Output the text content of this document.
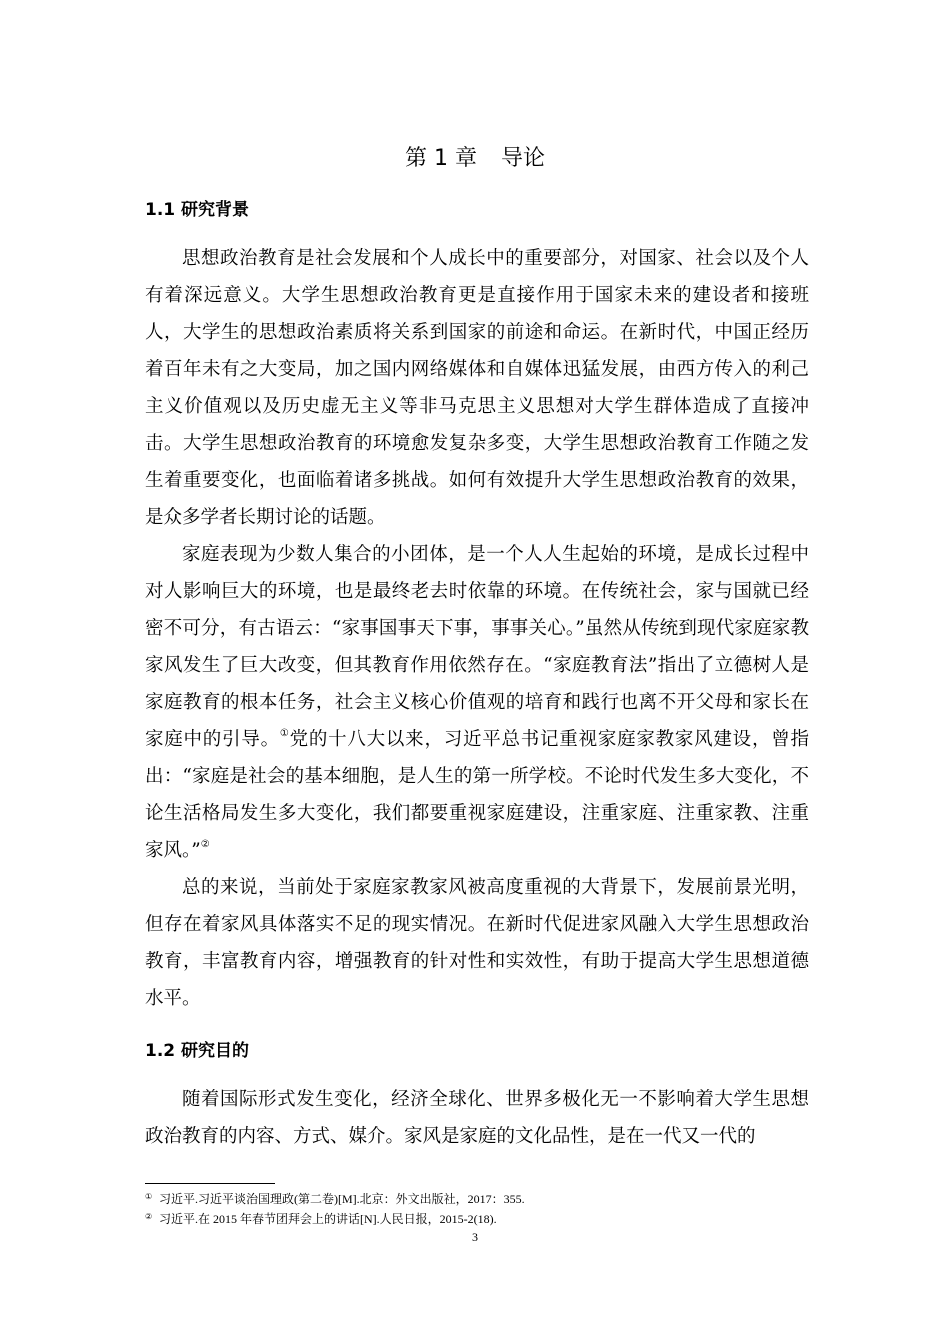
第 1 章 导论
1.1 研究背景

思想政治教育是社会发展和个人成长中的重要部分，对国家、社会以及个人有着深远意义。大学生思想政治教育更是直接作用于国家未来的建设者和接班人，大学生的思想政治素质将关系到国家的前途和命运。在新时代，中国正经历着百年未有之大变局，加之国内网络媒体和自媒体迅猛发展，由西方传入的利己主义价值观以及历史虚无主义等非马克思主义思想对大学生群体造成了直接冲击。大学生思想政治教育的环境愈发复杂多变，大学生思想政治教育工作随之发生着重要变化，也面临着诸多挑战。如何有效提升大学生思想政治教育的效果，是众多学者长期讨论的话题。

家庭表现为少数人集合的小团体，是一个人人生起始的环境，是成长过程中对人影响巨大的环境，也是最终老去时依靠的环境。在传统社会，家与国就已经密不可分，有古语云：“家事国事天下事，事事关心。”虽然从传统到现代家庭家教家风发生了巨大改变，但其教育作用依然存在。“家庭教育法”指出了立德树人是家庭教育的根本任务，社会主义核心价值观的培育和践行也离不开父母和家长在家庭中的引导。①党的十八大以来，习近平总书记重视家庭家教家风建设，曾指出：“家庭是社会的基本细胞，是人生的第一所学校。不论时代发生多大变化，不论生活格局发生多大变化，我们都要重视家庭建设，注重家庭、注重家教、注重家风。”②

总的来说，当前处于家庭家教家风被高度重视的大背景下，发展前景光明，但存在着家风具体落实不足的现实情况。在新时代促进家风融入大学生思想政治教育，丰富教育内容，增强教育的针对性和实效性，有助于提高大学生思想道德水平。

1.2 研究目的

随着国际形式发生变化，经济全球化、世界多极化无一不影响着大学生思想政治教育的内容、方式、媒介。家风是家庭的文化品性，是在一代又一代的

① 习近平.习近平谈治国理政(第二卷)[M].北京：外文出版社，2017：355.
② 习近平.在 2015 年春节团拜会上的讲话[N].人民日报，2015-2(18).
3
